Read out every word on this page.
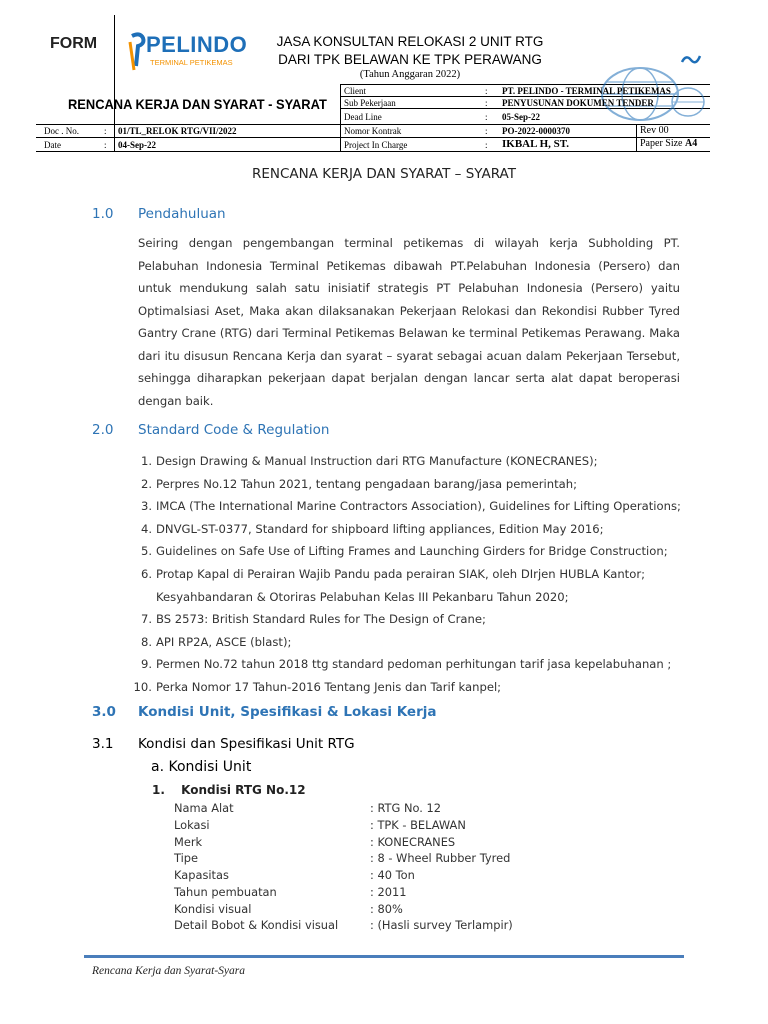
FORM PELINDO
TERMINAL PETIKEMAS
JASA KONSULTAN RELOKASI 2 UNIT RTG
DARI TPK BELAWAN KE TPK PERAWANG
(Tahun Anggaran 2022)
RENCANA KERJA DAN SYARAT - SYARAT
Client	: PT. PELINDO - TERMINAL PETIKEMAS
Sub Pekerjaan	: PENYUSUNAN DOKUMEN TENDER
Dead Line	: 05-Sep-22
Doc . No.	: 01/TL_RELOK RTG/VII/2022	Nomor Kontrak	: PO-2022-0000370	Rev 00
Date	: 04-Sep-22	Project In Charge	: IKBAL H, ST.	Paper Size A4
RENCANA KERJA DAN SYARAT – SYARAT
1.0 Pendahuluan
Seiring dengan pengembangan terminal petikemas di wilayah kerja Subholding PT. Pelabuhan Indonesia Terminal Petikemas dibawah PT.Pelabuhan Indonesia (Persero) dan untuk mendukung salah satu inisiatif strategis PT Pelabuhan Indonesia (Persero) yaitu Optimalsiasi Aset, Maka akan dilaksanakan Pekerjaan Relokasi dan Rekondisi Rubber Tyred Gantry Crane (RTG) dari Terminal Petikemas Belawan ke terminal Petikemas Perawang. Maka dari itu disusun Rencana Kerja dan syarat – syarat sebagai acuan dalam Pekerjaan Tersebut, sehingga diharapkan pekerjaan dapat berjalan dengan lancar serta alat dapat beroperasi dengan baik.
2.0 Standard Code & Regulation
1. Design Drawing & Manual Instruction dari RTG Manufacture (KONECRANES);
2. Perpres No.12 Tahun 2021, tentang pengadaan barang/jasa pemerintah;
3. IMCA (The International Marine Contractors Association), Guidelines for Lifting Operations;
4. DNVGL-ST-0377, Standard for shipboard lifting appliances, Edition May 2016;
5. Guidelines on Safe Use of Lifting Frames and Launching Girders for Bridge Construction;
6. Protap Kapal di Perairan Wajib Pandu pada perairan SIAK, oleh DIrjen HUBLA Kantor; Kesyahbandaran & Otoriras Pelabuhan Kelas III Pekanbaru Tahun 2020;
7. BS 2573: British Standard Rules for The Design of Crane;
8. API RP2A, ASCE (blast);
9. Permen No.72 tahun 2018 ttg standard pedoman perhitungan tarif jasa kepelabuhanan ;
10. Perka Nomor 17 Tahun-2016 Tentang Jenis dan Tarif kanpel;
3.0 Kondisi Unit, Spesifikasi & Lokasi Kerja
3.1 Kondisi dan Spesifikasi Unit RTG
a. Kondisi Unit
1. Kondisi RTG No.12
Nama Alat	: RTG No. 12
Lokasi	: TPK - BELAWAN
Merk	: KONECRANES
Tipe	: 8 - Wheel Rubber Tyred
Kapasitas	: 40 Ton
Tahun pembuatan	: 2011
Kondisi visual	: 80%
Detail Bobot & Kondisi visual	: (Hasli survey Terlampir)
Rencana Kerja dan Syarat-Syara
